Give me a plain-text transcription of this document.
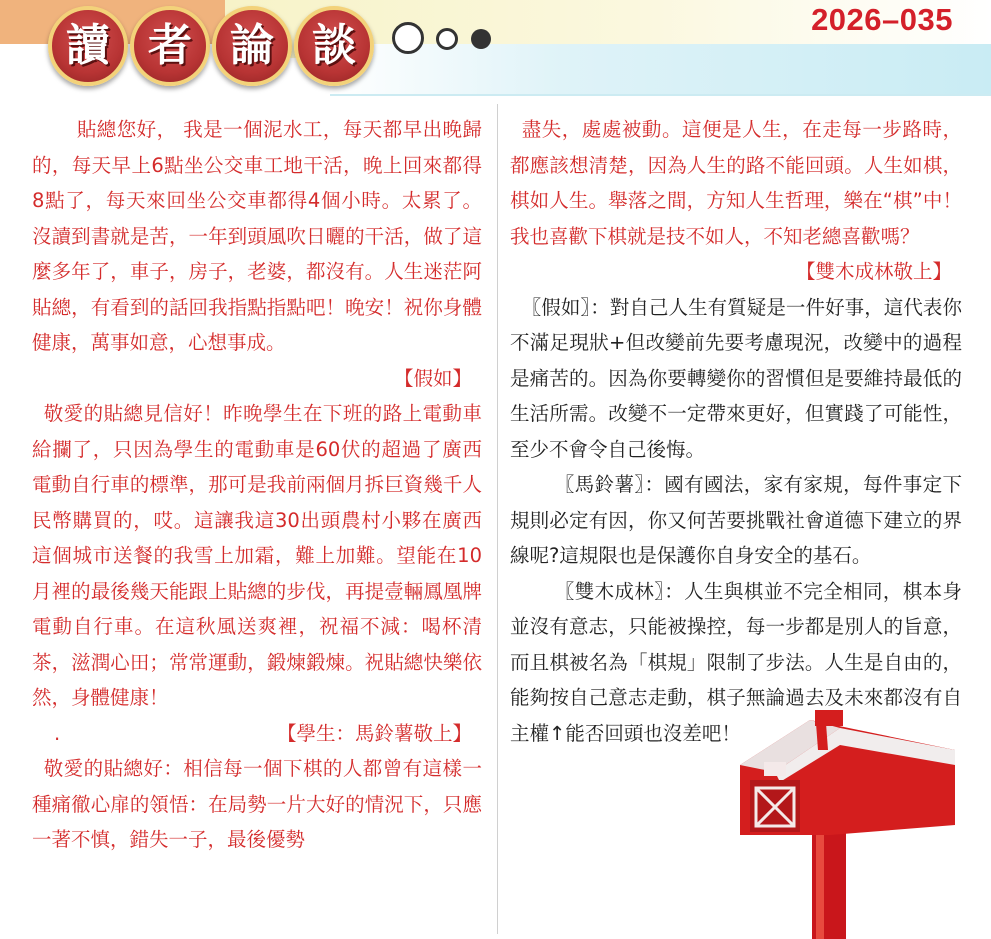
讀 者 論 談
2026–035

貼總您好， 我是一個泥水工，每天都早出晚歸的，每天早上6點坐公交車工地干活，晚上回來都得8點了，每天來回坐公交車都得4個小時。太累了。沒讀到書就是苦，一年到頭風吹日曬的干活，做了這麼多年了，車子，房子，老婆，都沒有。人生迷茫阿貼總，有看到的話回我指點指點吧！晚安！祝你身體健康，萬事如意，心想事成。

【假如】

敬愛的貼總見信好！昨晚學生在下班的路上電動車給攔了，只因為學生的電動車是60伏的超過了廣西電動自行車的標準，那可是我前兩個月拆巨資幾千人民幣購買的，哎。這讓我這30出頭農村小夥在廣西這個城市送餐的我雪上加霜，難上加難。望能在10月裡的最後幾天能跟上貼總的步伐，再提壹輛鳳凰牌電動自行車。在這秋風送爽裡，祝福不減：喝杯清茶，滋潤心田；常常運動，鍛煉鍛煉。祝貼總快樂依然，身體健康！

.	【學生：馬鈴薯敬上】

敬愛的貼總好：相信每一個下棋的人都曾有這樣一種痛徹心扉的領悟：在局勢一片大好的情況下，只應一著不慎，錯失一子，最後優勢

盡失，處處被動。這便是人生，在走每一步路時，都應該想清楚，因為人生的路不能回頭。人生如棋，棋如人生。舉落之間，方知人生哲理，樂在“棋”中！我也喜歡下棋就是技不如人，不知老總喜歡嗎？

【雙木成林敬上】

〖假如〗：對自己人生有質疑是一件好事，這代表你不滿足現狀+但改變前先要考慮現況，改變中的過程是痛苦的。因為你要轉變你的習慣但是要維持最低的生活所需。改變不一定帶來更好，但實踐了可能性，至少不會令自己後悔。

〖馬鈴薯〗：國有國法，家有家規，每件事定下規則必定有因，你又何苦要挑戰社會道德下建立的界線呢?這規限也是保護你自身安全的基石。

〖雙木成林〗：人生與棋並不完全相同，棋本身並沒有意志，只能被操控，每一步都是別人的旨意，而且棋被名為「棋規」限制了步法。人生是自由的，能夠按自己意志走動，棋子無論過去及未來都沒有自主權↑能否回頭也沒差吧！
